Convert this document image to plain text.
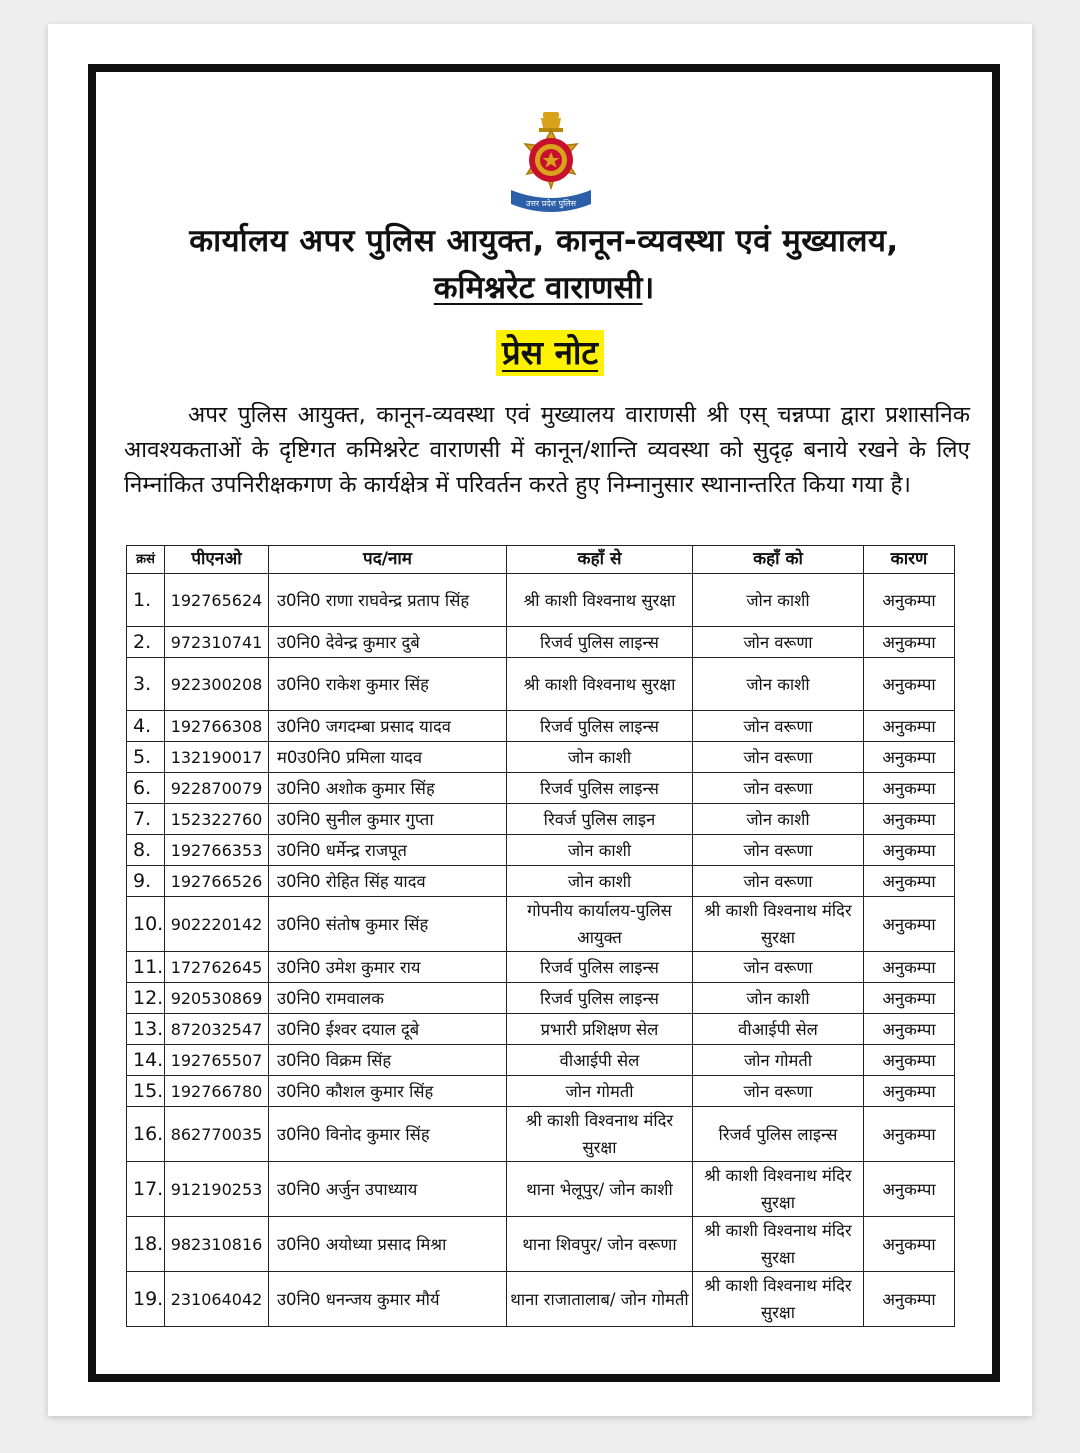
उत्तर प्रदेश पुलिस
कार्यालय अपर पुलिस आयुक्त, कानून-व्यवस्था एवं मुख्यालय,
कमिश्नरेट वाराणसी।
प्रेस नोट
अपर पुलिस आयुक्त, कानून-व्यवस्था एवं मुख्यालय वाराणसी श्री एस् चन्नप्पा द्वारा प्रशासनिक आवश्यकताओं के दृष्टिगत कमिश्नरेट वाराणसी में कानून/शान्ति व्यवस्था को सुदृढ़ बनाये रखने के लिए निम्नांकित उपनिरीक्षकगण के कार्यक्षेत्र में परिवर्तन करते हुए निम्नानुसार स्थानान्तरित किया गया है।
क्रसं	पीएनओ	पद/नाम	कहाँ से	कहाँ को	कारण
1.	192765624	उ0नि0 राणा राघवेन्द्र प्रताप सिंह	श्री काशी विश्वनाथ सुरक्षा	जोन काशी	अनुकम्पा
2.	972310741	उ0नि0 देवेन्द्र कुमार दुबे	रिजर्व पुलिस लाइन्स	जोन वरूणा	अनुकम्पा
3.	922300208	उ0नि0 राकेश कुमार सिंह	श्री काशी विश्वनाथ सुरक्षा	जोन काशी	अनुकम्पा
4.	192766308	उ0नि0 जगदम्बा प्रसाद यादव	रिजर्व पुलिस लाइन्स	जोन वरूणा	अनुकम्पा
5.	132190017	म0उ0नि0 प्रमिला यादव	जोन काशी	जोन वरूणा	अनुकम्पा
6.	922870079	उ0नि0 अशोक कुमार सिंह	रिजर्व पुलिस लाइन्स	जोन वरूणा	अनुकम्पा
7.	152322760	उ0नि0 सुनील कुमार गुप्ता	रिवर्ज पुलिस लाइन	जोन काशी	अनुकम्पा
8.	192766353	उ0नि0 धर्मेन्द्र राजपूत	जोन काशी	जोन वरूणा	अनुकम्पा
9.	192766526	उ0नि0 रोहित सिंह यादव	जोन काशी	जोन वरूणा	अनुकम्पा
10.	902220142	उ0नि0 संतोष कुमार सिंह	गोपनीय कार्यालय-पुलिस आयुक्त	श्री काशी विश्वनाथ मंदिर सुरक्षा	अनुकम्पा
11.	172762645	उ0नि0 उमेश कुमार राय	रिजर्व पुलिस लाइन्स	जोन वरूणा	अनुकम्पा
12.	920530869	उ0नि0 रामवालक	रिजर्व पुलिस लाइन्स	जोन काशी	अनुकम्पा
13.	872032547	उ0नि0 ईश्वर दयाल दूबे	प्रभारी प्रशिक्षण सेल	वीआईपी सेल	अनुकम्पा
14.	192765507	उ0नि0 विक्रम सिंह	वीआईपी सेल	जोन गोमती	अनुकम्पा
15.	192766780	उ0नि0 कौशल कुमार सिंह	जोन गोमती	जोन वरूणा	अनुकम्पा
16.	862770035	उ0नि0 विनोद कुमार सिंह	श्री काशी विश्वनाथ मंदिर सुरक्षा	रिजर्व पुलिस लाइन्स	अनुकम्पा
17.	912190253	उ0नि0 अर्जुन उपाध्याय	थाना भेलूपुर/ जोन काशी	श्री काशी विश्वनाथ मंदिर सुरक्षा	अनुकम्पा
18.	982310816	उ0नि0 अयोध्या प्रसाद मिश्रा	थाना शिवपुर/ जोन वरूणा	श्री काशी विश्वनाथ मंदिर सुरक्षा	अनुकम्पा
19.	231064042	उ0नि0 धनन्जय कुमार मौर्य	थाना राजातालाब/ जोन गोमती	श्री काशी विश्वनाथ मंदिर सुरक्षा	अनुकम्पा
